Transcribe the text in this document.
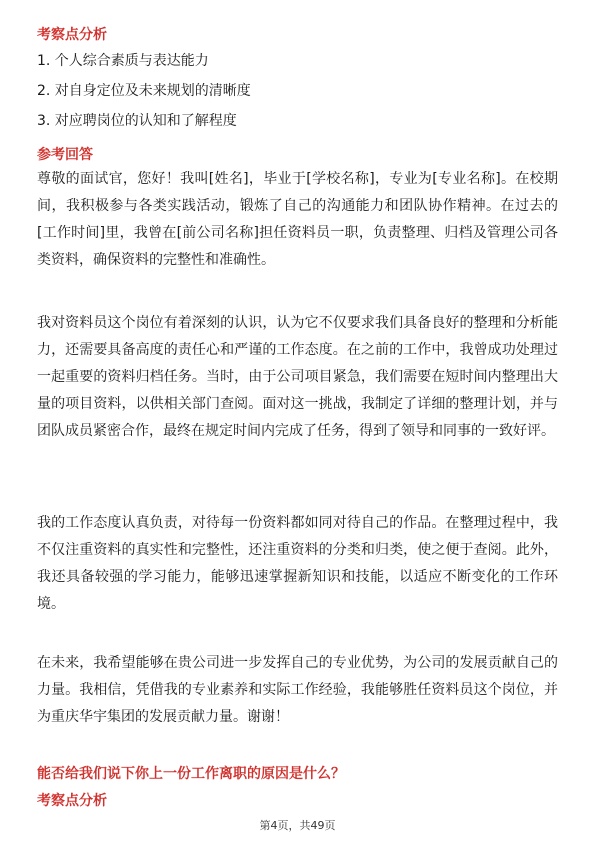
考察点分析
1. 个人综合素质与表达能力
2. 对自身定位及未来规划的清晰度
3. 对应聘岗位的认知和了解程度
参考回答

尊敬的面试官，您好！我叫[姓名]，毕业于[学校名称]，专业为[专业名称]。在校期间，我积极参与各类实践活动，锻炼了自己的沟通能力和团队协作精神。在过去的[工作时间]里，我曾在[前公司名称]担任资料员一职，负责整理、归档及管理公司各类资料，确保资料的完整性和准确性。

我对资料员这个岗位有着深刻的认识，认为它不仅要求我们具备良好的整理和分析能力，还需要具备高度的责任心和严谨的工作态度。在之前的工作中，我曾成功处理过一起重要的资料归档任务。当时，由于公司项目紧急，我们需要在短时间内整理出大量的项目资料，以供相关部门查阅。面对这一挑战，我制定了详细的整理计划，并与团队成员紧密合作，最终在规定时间内完成了任务，得到了领导和同事的一致好评。

我的工作态度认真负责，对待每一份资料都如同对待自己的作品。在整理过程中，我不仅注重资料的真实性和完整性，还注重资料的分类和归类，使之便于查阅。此外，我还具备较强的学习能力，能够迅速掌握新知识和技能，以适应不断变化的工作环境。

在未来，我希望能够在贵公司进一步发挥自己的专业优势，为公司的发展贡献自己的力量。我相信，凭借我的专业素养和实际工作经验，我能够胜任资料员这个岗位，并为重庆华宇集团的发展贡献力量。谢谢！

能否给我们说下你上一份工作离职的原因是什么？
考察点分析

第4页，共49页
